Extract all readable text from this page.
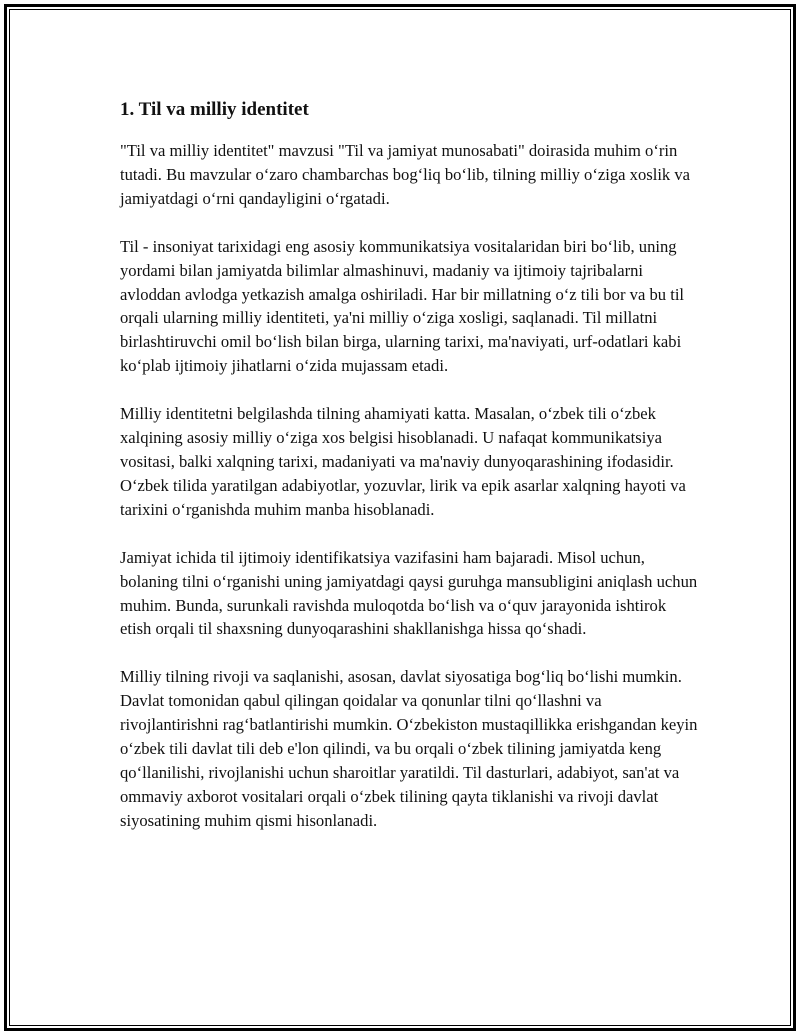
1. Til va milliy identitet

"Til va milliy identitet" mavzusi "Til va jamiyat munosabati" doirasida muhim o‘rin tutadi. Bu mavzular o‘zaro chambarchas bog‘liq bo‘lib, tilning milliy o‘ziga xoslik va jamiyatdagi o‘rni qandayligini o‘rgatadi.

Til - insoniyat tarixidagi eng asosiy kommunikatsiya vositalaridan biri bo‘lib, uning yordami bilan jamiyatda bilimlar almashinuvi, madaniy va ijtimoiy tajribalarni avloddan avlodga yetkazish amalga oshiriladi. Har bir millatning o‘z tili bor va bu til orqali ularning milliy identiteti, ya'ni milliy o‘ziga xosligi, saqlanadi. Til millatni birlashtiruvchi omil bo‘lish bilan birga, ularning tarixi, ma'naviyati, urf-odatlari kabi ko‘plab ijtimoiy jihatlarni o‘zida mujassam etadi.

Milliy identitetni belgilashda tilning ahamiyati katta. Masalan, o‘zbek tili o‘zbek xalqining asosiy milliy o‘ziga xos belgisi hisoblanadi. U nafaqat kommunikatsiya vositasi, balki xalqning tarixi, madaniyati va ma'naviy dunyoqarashining ifodasidir. O‘zbek tilida yaratilgan adabiyotlar, yozuvlar, lirik va epik asarlar xalqning hayoti va tarixini o‘rganishda muhim manba hisoblanadi.

Jamiyat ichida til ijtimoiy identifikatsiya vazifasini ham bajaradi. Misol uchun, bolaning tilni o‘rganishi uning jamiyatdagi qaysi guruhga mansubligini aniqlash uchun muhim. Bunda, surunkali ravishda muloqotda bo‘lish va o‘quv jarayonida ishtirok etish orqali til shaxsning dunyoqarashini shakllanishga hissa qo‘shadi.

Milliy tilning rivoji va saqlanishi, asosan, davlat siyosatiga bog‘liq bo‘lishi mumkin. Davlat tomonidan qabul qilingan qoidalar va qonunlar tilni qo‘llashni va rivojlantirishni rag‘batlantirishi mumkin. O‘zbekiston mustaqillikka erishgandan keyin o‘zbek tili davlat tili deb e'lon qilindi, va bu orqali o‘zbek tilining jamiyatda keng qo‘llanilishi, rivojlanishi uchun sharoitlar yaratildi. Til dasturlari, adabiyot, san'at va ommaviy axborot vositalari orqali o‘zbek tilining qayta tiklanishi va rivoji davlat siyosatining muhim qismi hisonlanadi.
